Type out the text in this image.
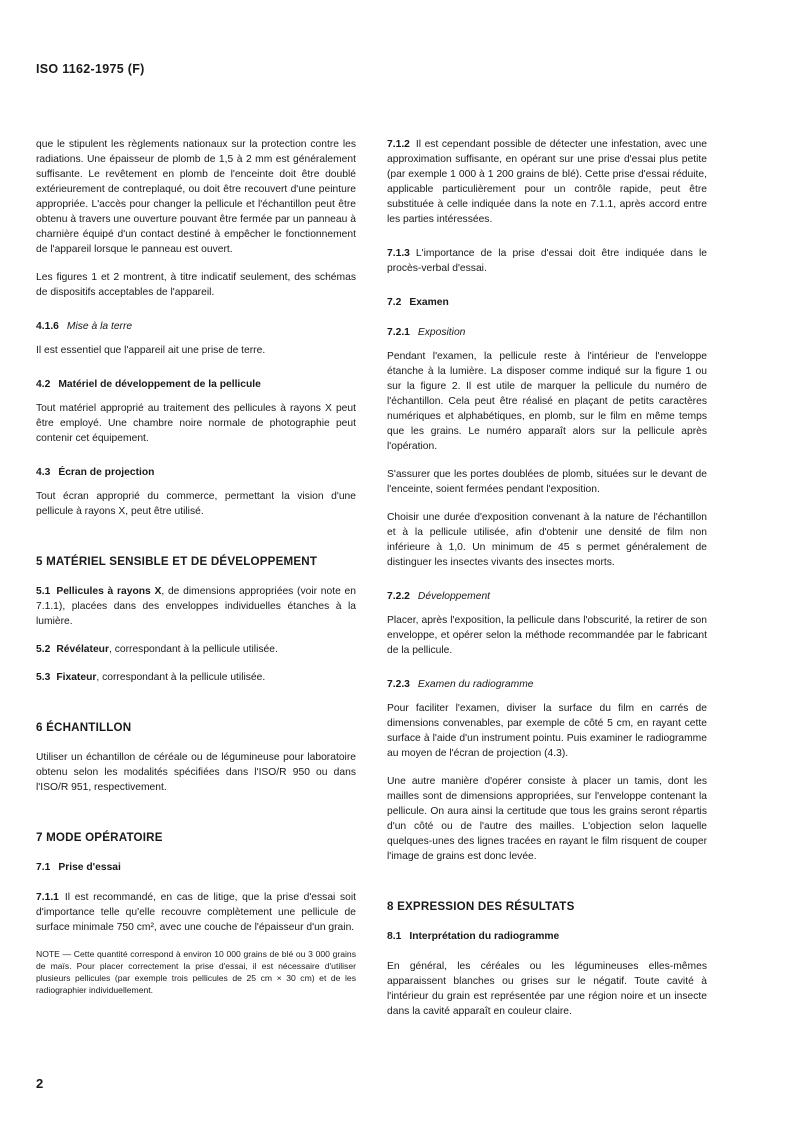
ISO 1162-1975 (F)

que le stipulent les règlements nationaux sur la protection contre les radiations. Une épaisseur de plomb de 1,5 à 2 mm est généralement suffisante. Le revêtement en plomb de l'enceinte doit être doublé extérieurement de contreplaqué, ou doit être recouvert d'une peinture appropriée. L'accès pour changer la pellicule et l'échantillon peut être obtenu à travers une ouverture pouvant être fermée par un panneau à charnière équipé d'un contact destiné à empêcher le fonctionnement de l'appareil lorsque le panneau est ouvert.

Les figures 1 et 2 montrent, à titre indicatif seulement, des schémas de dispositifs acceptables de l'appareil.

4.1.6 Mise à la terre

Il est essentiel que l'appareil ait une prise de terre.

4.2 Matériel de développement de la pellicule

Tout matériel approprié au traitement des pellicules à rayons X peut être employé. Une chambre noire normale de photographie peut contenir cet équipement.

4.3 Écran de projection

Tout écran approprié du commerce, permettant la vision d'une pellicule à rayons X, peut être utilisé.

5 MATÉRIEL SENSIBLE ET DE DÉVELOPPEMENT

5.1 Pellicules à rayons X, de dimensions appropriées (voir note en 7.1.1), placées dans des enveloppes individuelles étanches à la lumière.

5.2 Révélateur, correspondant à la pellicule utilisée.

5.3 Fixateur, correspondant à la pellicule utilisée.

6 ÉCHANTILLON

Utiliser un échantillon de céréale ou de légumineuse pour laboratoire obtenu selon les modalités spécifiées dans l'ISO/R 950 ou dans l'ISO/R 951, respectivement.

7 MODE OPÉRATOIRE
7.1 Prise d'essai

7.1.1 Il est recommandé, en cas de litige, que la prise d'essai soit d'importance telle qu'elle recouvre complètement une pellicule de surface minimale 750 cm², avec une couche de l'épaisseur d'un grain.

NOTE — Cette quantité correspond à environ 10 000 grains de blé ou 3 000 grains de maïs. Pour placer correctement la prise d'essai, il est nécessaire d'utiliser plusieurs pellicules (par exemple trois pellicules de 25 cm × 30 cm) et de les radiographier individuellement.

7.1.2 Il est cependant possible de détecter une infestation, avec une approximation suffisante, en opérant sur une prise d'essai plus petite (par exemple 1 000 à 1 200 grains de blé). Cette prise d'essai réduite, applicable particulièrement pour un contrôle rapide, peut être substituée à celle indiquée dans la note en 7.1.1, après accord entre les parties intéressées.

7.1.3 L'importance de la prise d'essai doit être indiquée dans le procès-verbal d'essai.

7.2 Examen
7.2.1 Exposition

Pendant l'examen, la pellicule reste à l'intérieur de l'enveloppe étanche à la lumière. La disposer comme indiqué sur la figure 1 ou sur la figure 2. Il est utile de marquer la pellicule du numéro de l'échantillon. Cela peut être réalisé en plaçant de petits caractères numériques et alphabétiques, en plomb, sur le film en même temps que les grains. Le numéro apparaît alors sur la pellicule après l'opération.

S'assurer que les portes doublées de plomb, situées sur le devant de l'enceinte, soient fermées pendant l'exposition.

Choisir une durée d'exposition convenant à la nature de l'échantillon et à la pellicule utilisée, afin d'obtenir une densité de film non inférieure à 1,0. Un minimum de 45 s permet généralement de distinguer les insectes vivants des insectes morts.

7.2.2 Développement

Placer, après l'exposition, la pellicule dans l'obscurité, la retirer de son enveloppe, et opérer selon la méthode recommandée par le fabricant de la pellicule.

7.2.3 Examen du radiogramme

Pour faciliter l'examen, diviser la surface du film en carrés de dimensions convenables, par exemple de côté 5 cm, en rayant cette surface à l'aide d'un instrument pointu. Puis examiner le radiogramme au moyen de l'écran de projection (4.3).

Une autre manière d'opérer consiste à placer un tamis, dont les mailles sont de dimensions appropriées, sur l'enveloppe contenant la pellicule. On aura ainsi la certitude que tous les grains seront répartis d'un côté ou de l'autre des mailles. L'objection selon laquelle quelques-unes des lignes tracées en rayant le film risquent de couper l'image de grains est donc levée.

8 EXPRESSION DES RÉSULTATS
8.1 Interprétation du radiogramme

En général, les céréales ou les légumineuses elles-mêmes apparaissent blanches ou grises sur le négatif. Toute cavité à l'intérieur du grain est représentée par une région noire et un insecte dans la cavité apparaît en couleur claire.

2
